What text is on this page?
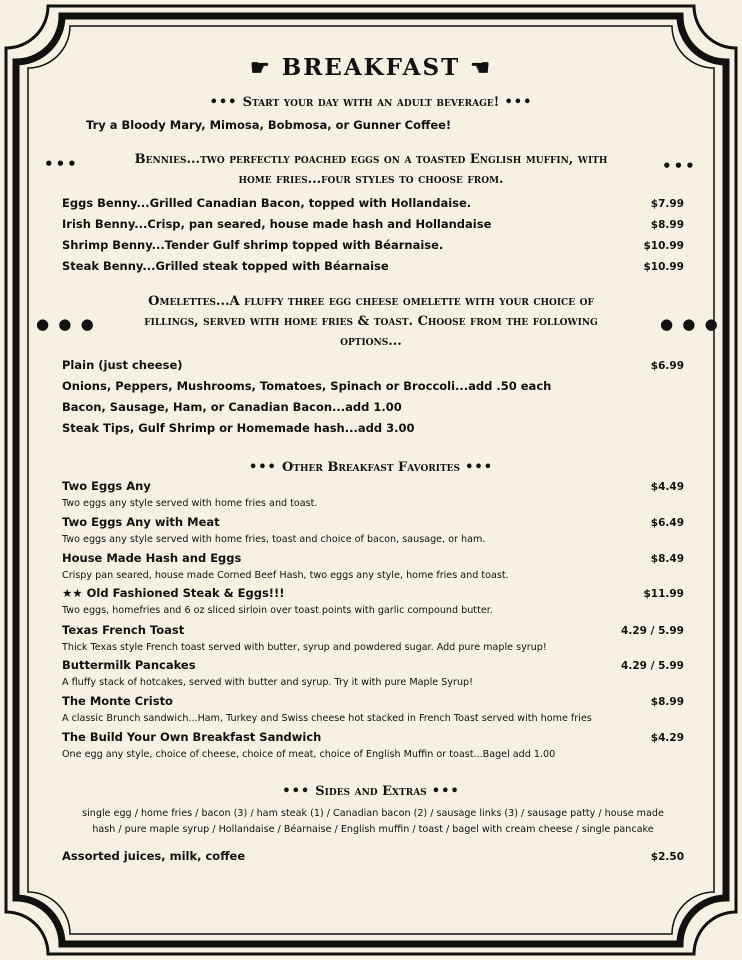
☛ BREAKFAST ☚
••• Start your day with an adult beverage! •••
Try a Bloody Mary, Mimosa, Bobmosa, or Gunner Coffee!
•••	•••
Bennies...two perfectly poached eggs on a toasted English muffin, with
home fries...four styles to choose from.
Eggs Benny...Grilled Canadian Bacon, topped with Hollandaise.	$7.99
Irish Benny...Crisp, pan seared, house made hash and Hollandaise	$8.99
Shrimp Benny...Tender Gulf shrimp topped with Béarnaise.	$10.99
Steak Benny...Grilled steak topped with Béarnaise	$10.99
● ● ●	● ● ●
Omelettes...A fluffy three egg cheese omelette with your choice of
fillings, served with home fries & toast. Choose from the following
options...
Plain (just cheese)	$6.99
Onions, Peppers, Mushrooms, Tomatoes, Spinach or Broccoli...add .50 each
Bacon, Sausage, Ham, or Canadian Bacon...add 1.00
Steak Tips, Gulf Shrimp or Homemade hash...add 3.00
••• Other Breakfast Favorites •••
Two Eggs Any	$4.49
Two eggs any style served with home fries and toast.
Two Eggs Any with Meat	$6.49
Two eggs any style served with home fries, toast and choice of bacon, sausage, or ham.
House Made Hash and Eggs	$8.49
Crispy pan seared, house made Corned Beef Hash, two eggs any style, home fries and toast.
★★ Old Fashioned Steak & Eggs!!!	$11.99
Two eggs, homefries and 6 oz sliced sirloin over toast points with garlic compound butter.
Texas French Toast	4.29 / 5.99
Thick Texas style French toast served with butter, syrup and powdered sugar. Add pure maple syrup!
Buttermilk Pancakes	4.29 / 5.99
A fluffy stack of hotcakes, served with butter and syrup. Try it with pure Maple Syrup!
The Monte Cristo	$8.99
A classic Brunch sandwich...Ham, Turkey and Swiss cheese hot stacked in French Toast served with home fries
The Build Your Own Breakfast Sandwich	$4.29
One egg any style, choice of cheese, choice of meat, choice of English Muffin or toast...Bagel add 1.00
••• Sides and Extras •••
single egg / home fries / bacon (3) / ham steak (1) / Canadian bacon (2) / sausage links (3) / sausage patty / house made
hash / pure maple syrup / Hollandaise / Béarnaise / English muffin / toast / bagel with cream cheese / single pancake
Assorted juices, milk, coffee	$2.50
